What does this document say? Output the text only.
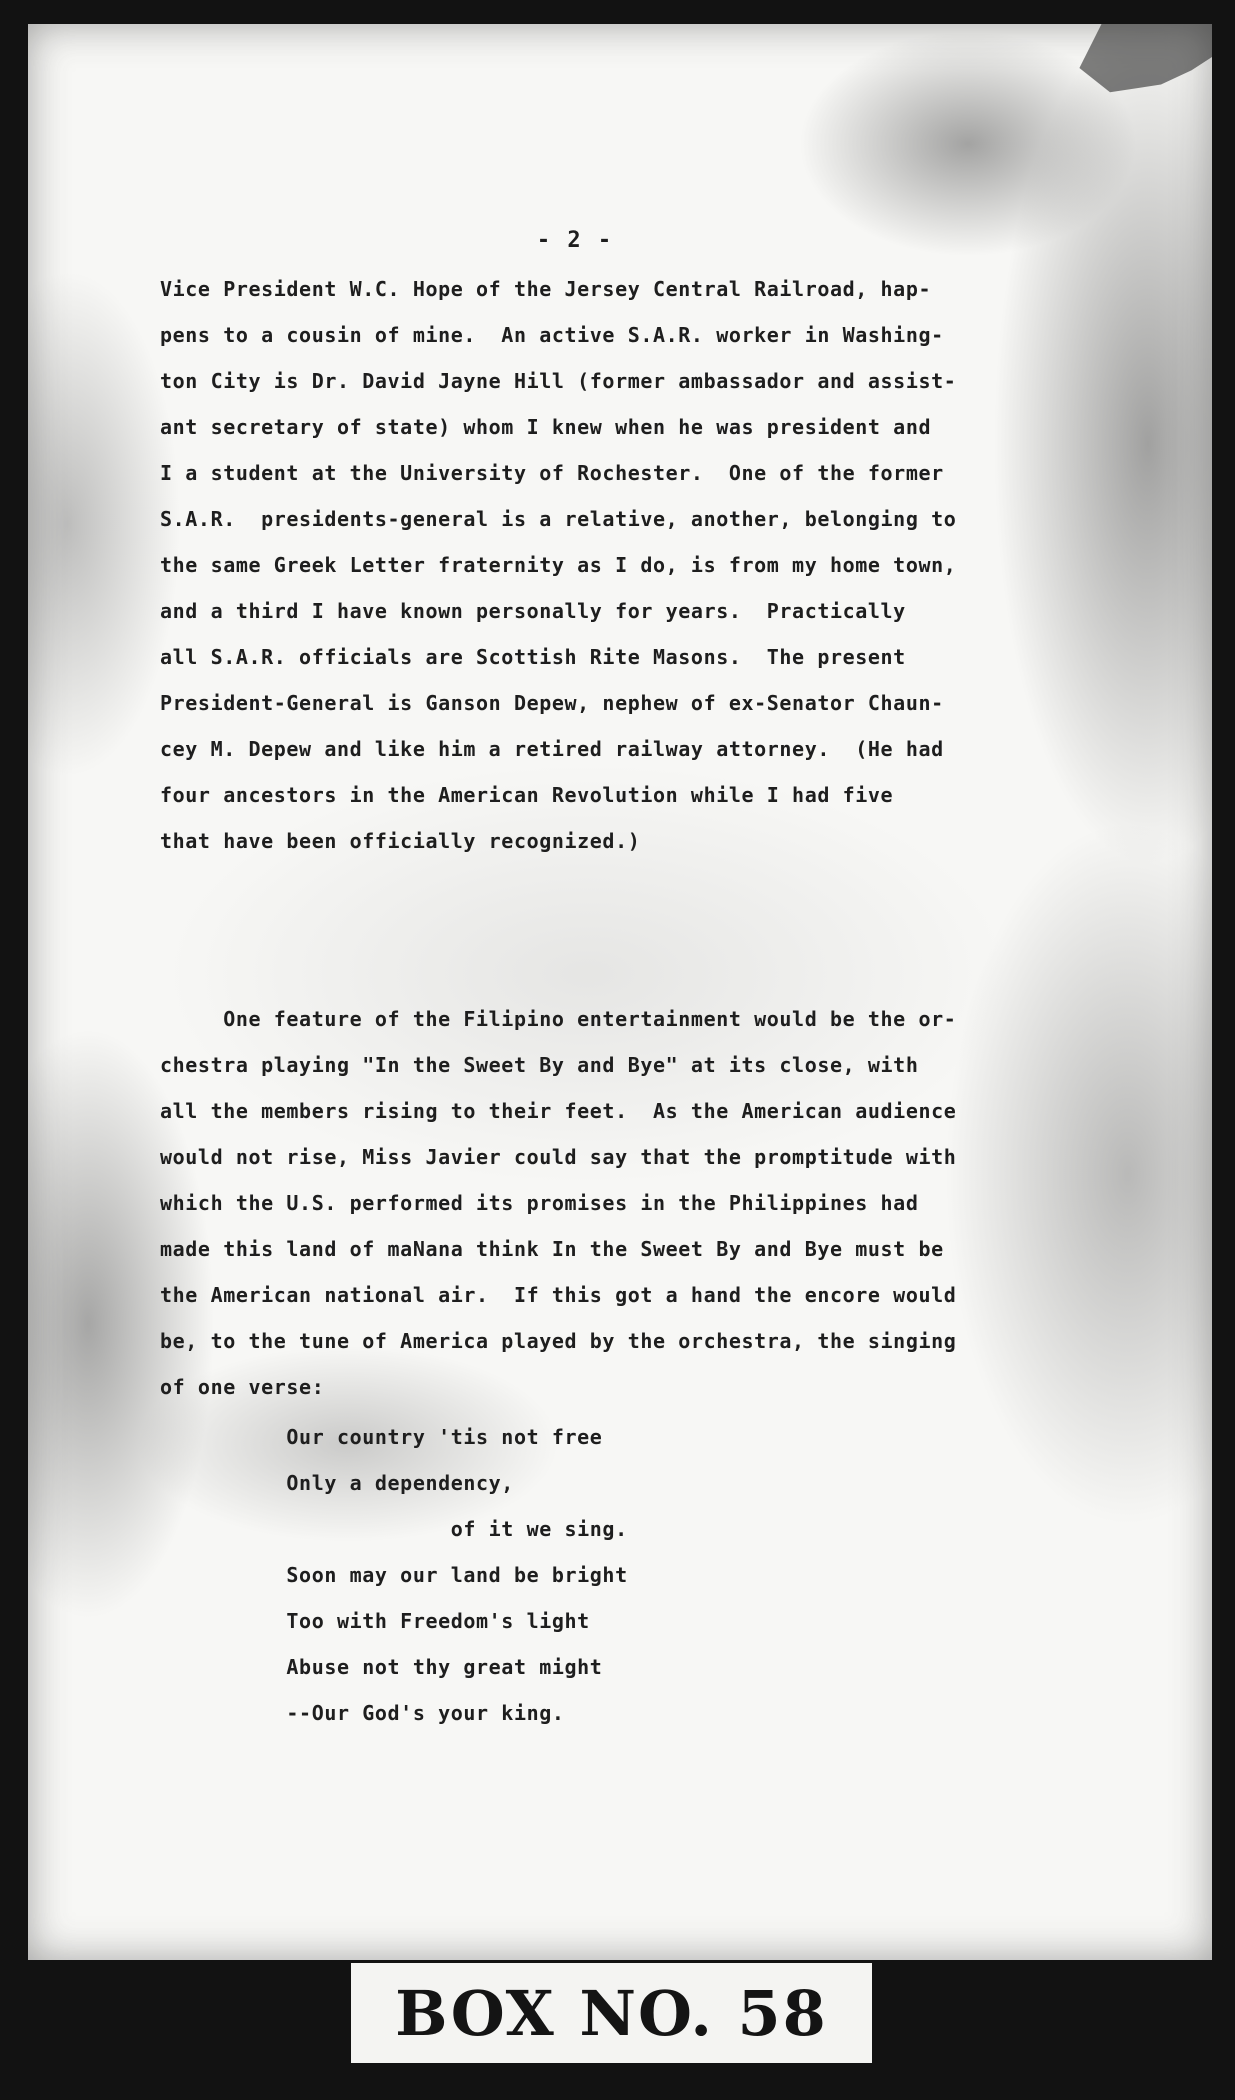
- 2 -
Vice President W.C. Hope of the Jersey Central Railroad, hap-
pens to a cousin of mine.  An active S.A.R. worker in Washing-
ton City is Dr. David Jayne Hill (former ambassador and assist-
ant secretary of state) whom I knew when he was president and
I a student at the University of Rochester.  One of the former
S.A.R.  presidents-general is a relative, another, belonging to
the same Greek Letter fraternity as I do, is from my home town,
and a third I have known personally for years.  Practically
all S.A.R. officials are Scottish Rite Masons.  The present
President-General is Ganson Depew, nephew of ex-Senator Chaun-
cey M. Depew and like him a retired railway attorney.  (He had
four ancestors in the American Revolution while I had five
that have been officially recognized.)
One feature of the Filipino entertainment would be the or-
chestra playing "In the Sweet By and Bye" at its close, with
all the members rising to their feet.  As the American audience
would not rise, Miss Javier could say that the promptitude with
which the U.S. performed its promises in the Philippines had
made this land of maNana think In the Sweet By and Bye must be
the American national air.  If this got a hand the encore would
be, to the tune of America played by the orchestra, the singing
of one verse:
Our country 'tis not free
Only a dependency,
of it we sing.
Soon may our land be bright
Too with Freedom's light
Abuse not thy great might
--Our God's your king.
BOX NO. 58
